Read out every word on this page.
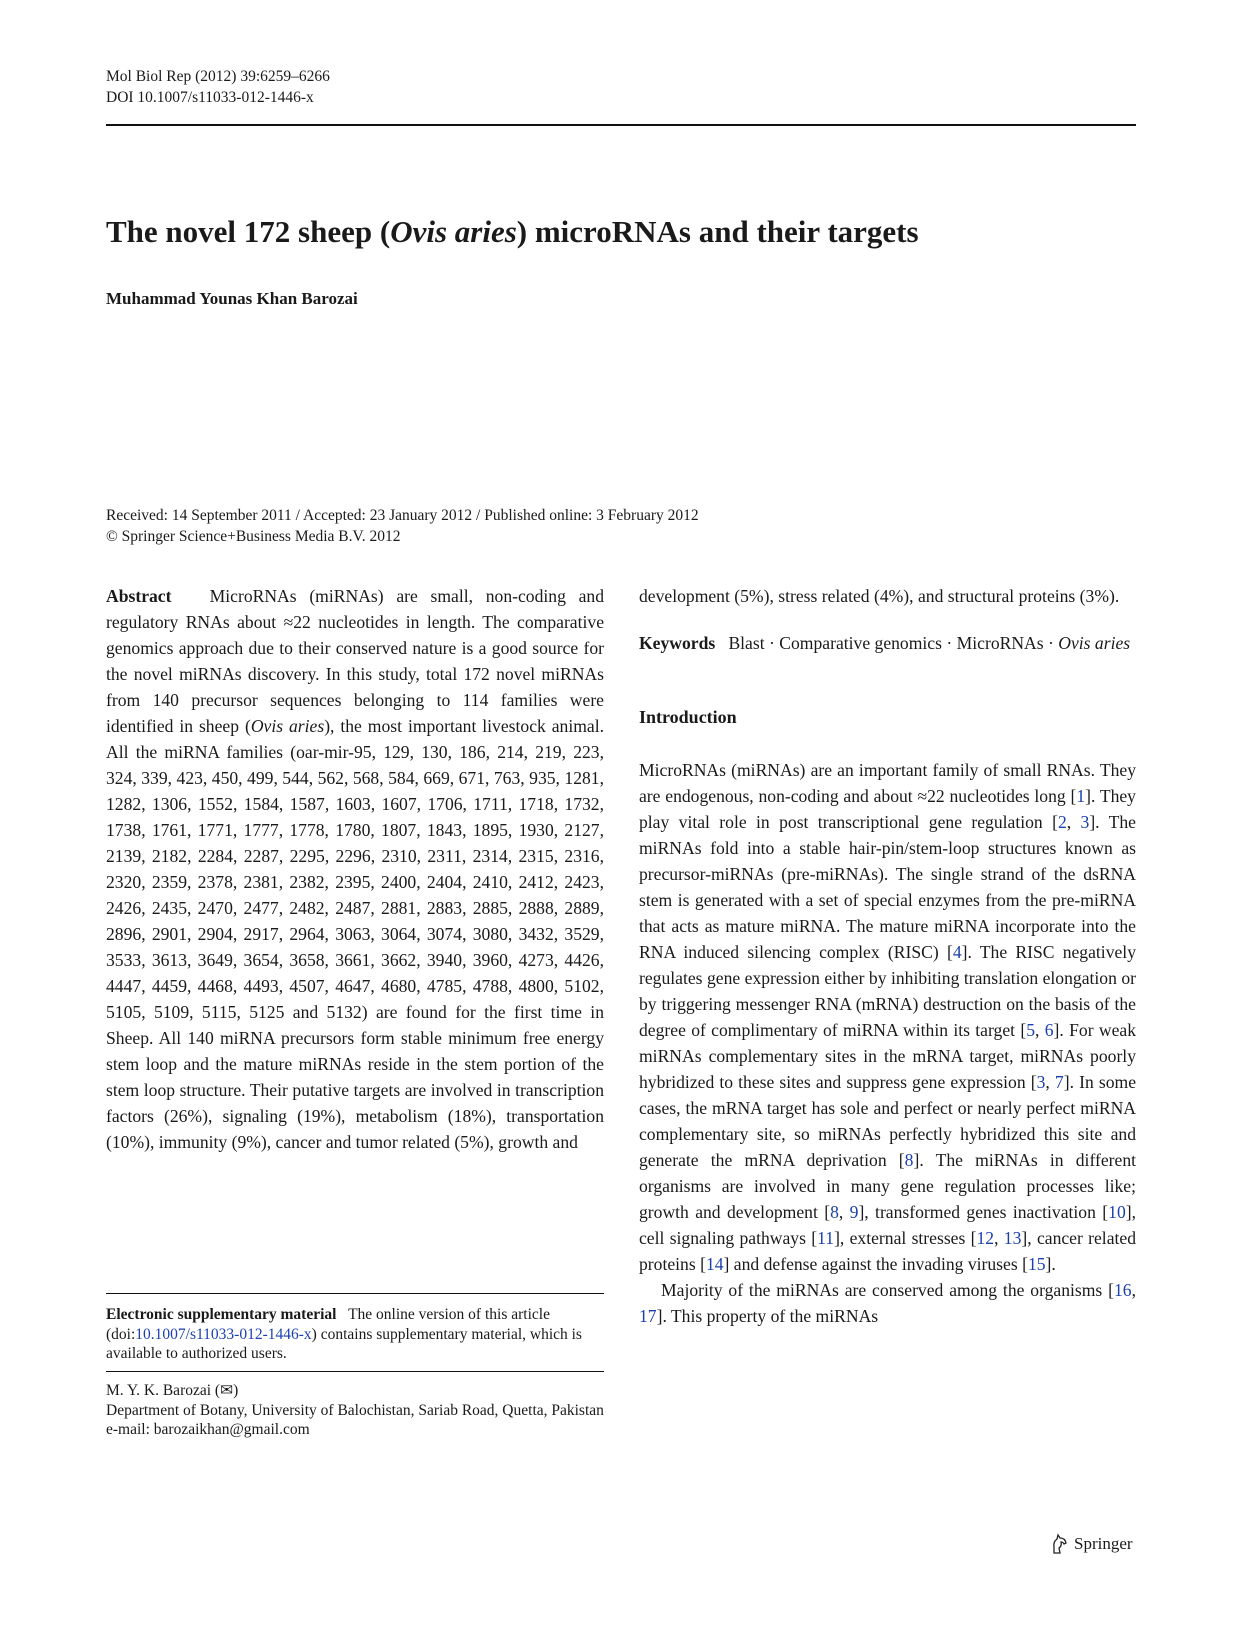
Mol Biol Rep (2012) 39:6259–6266
DOI 10.1007/s11033-012-1446-x
The novel 172 sheep (Ovis aries) microRNAs and their targets
Muhammad Younas Khan Barozai
Received: 14 September 2011 / Accepted: 23 January 2012 / Published online: 3 February 2012
© Springer Science+Business Media B.V. 2012

Abstract MicroRNAs (miRNAs) are small, non-coding and regulatory RNAs about ≈22 nucleotides in length. The comparative genomics approach due to their conserved nature is a good source for the novel miRNAs discovery. In this study, total 172 novel miRNAs from 140 precursor sequences belonging to 114 families were identified in sheep (Ovis aries), the most important livestock animal. All the miRNA families (oar-mir-95, 129, 130, 186, 214, 219, 223, 324, 339, 423, 450, 499, 544, 562, 568, 584, 669, 671, 763, 935, 1281, 1282, 1306, 1552, 1584, 1587, 1603, 1607, 1706, 1711, 1718, 1732, 1738, 1761, 1771, 1777, 1778, 1780, 1807, 1843, 1895, 1930, 2127, 2139, 2182, 2284, 2287, 2295, 2296, 2310, 2311, 2314, 2315, 2316, 2320, 2359, 2378, 2381, 2382, 2395, 2400, 2404, 2410, 2412, 2423, 2426, 2435, 2470, 2477, 2482, 2487, 2881, 2883, 2885, 2888, 2889, 2896, 2901, 2904, 2917, 2964, 3063, 3064, 3074, 3080, 3432, 3529, 3533, 3613, 3649, 3654, 3658, 3661, 3662, 3940, 3960, 4273, 4426, 4447, 4459, 4468, 4493, 4507, 4647, 4680, 4785, 4788, 4800, 5102, 5105, 5109, 5115, 5125 and 5132) are found for the first time in Sheep. All 140 miRNA precursors form stable minimum free energy stem loop and the mature miRNAs reside in the stem portion of the stem loop structure. Their putative targets are involved in transcription factors (26%), signaling (19%), metabolism (18%), transportation (10%), immunity (9%), cancer and tumor related (5%), growth and

Electronic supplementary material The online version of this article (doi:10.1007/s11033-012-1446-x) contains supplementary material, which is available to authorized users.
M. Y. K. Barozai (✉)
Department of Botany, University of Balochistan, Sariab Road, Quetta, Pakistan
e-mail: barozaikhan@gmail.com

development (5%), stress related (4%), and structural proteins (3%).

Keywords Blast · Comparative genomics · MicroRNAs · Ovis aries

Introduction

MicroRNAs (miRNAs) are an important family of small RNAs. They are endogenous, non-coding and about ≈22 nucleotides long [1]. They play vital role in post transcriptional gene regulation [2, 3]. The miRNAs fold into a stable hair-pin/stem-loop structures known as precursor-miRNAs (pre-miRNAs). The single strand of the dsRNA stem is generated with a set of special enzymes from the pre-miRNA that acts as mature miRNA. The mature miRNA incorporate into the RNA induced silencing complex (RISC) [4]. The RISC negatively regulates gene expression either by inhibiting translation elongation or by triggering messenger RNA (mRNA) destruction on the basis of the degree of complimentary of miRNA within its target [5, 6]. For weak miRNAs complementary sites in the mRNA target, miRNAs poorly hybridized to these sites and suppress gene expression [3, 7]. In some cases, the mRNA target has sole and perfect or nearly perfect miRNA complementary site, so miRNAs perfectly hybridized this site and generate the mRNA deprivation [8]. The miRNAs in different organisms are involved in many gene regulation processes like; growth and development [8, 9], transformed genes inactivation [10], cell signaling pathways [11], external stresses [12, 13], cancer related proteins [14] and defense against the invading viruses [15].

Majority of the miRNAs are conserved among the organisms [16, 17]. This property of the miRNAs

Springer
